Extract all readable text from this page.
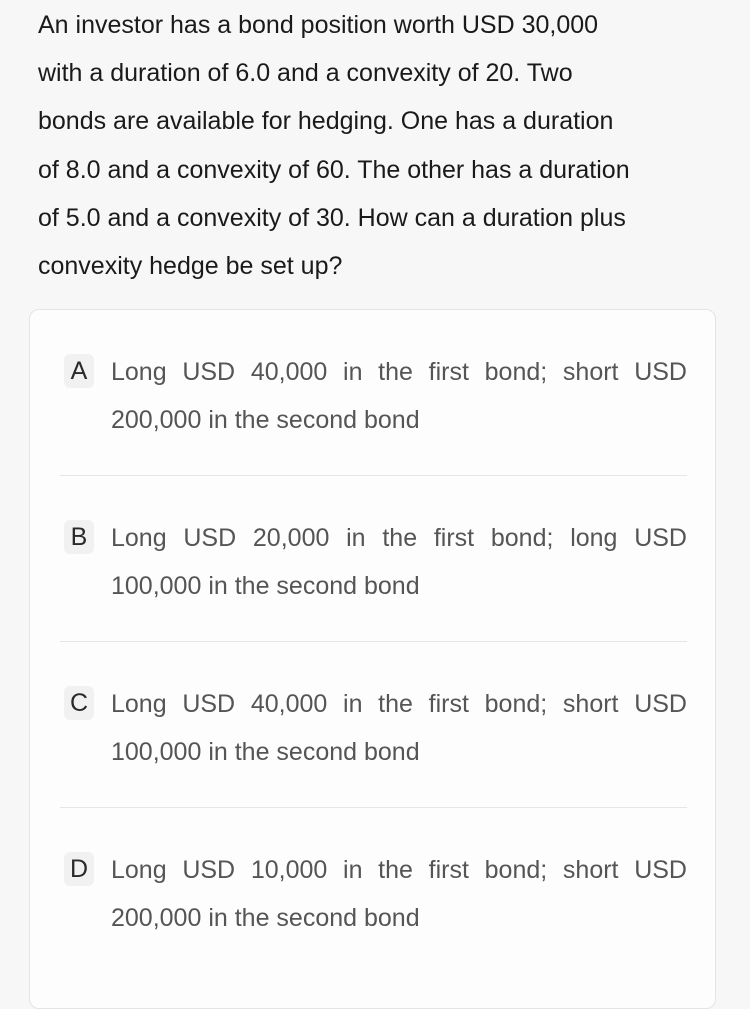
An investor has a bond position worth USD 30,000
with a duration of 6.0 and a convexity of 20. Two
bonds are available for hedging. One has a duration
of 8.0 and a convexity of 60. The other has a duration
of 5.0 and a convexity of 30. How can a duration plus
convexity hedge be set up?
A Long USD 40,000 in the first bond; short USD 200,000 in the second bond
B Long USD 20,000 in the first bond; long USD 100,000 in the second bond
C Long USD 40,000 in the first bond; short USD 100,000 in the second bond
D Long USD 10,000 in the first bond; short USD 200,000 in the second bond
